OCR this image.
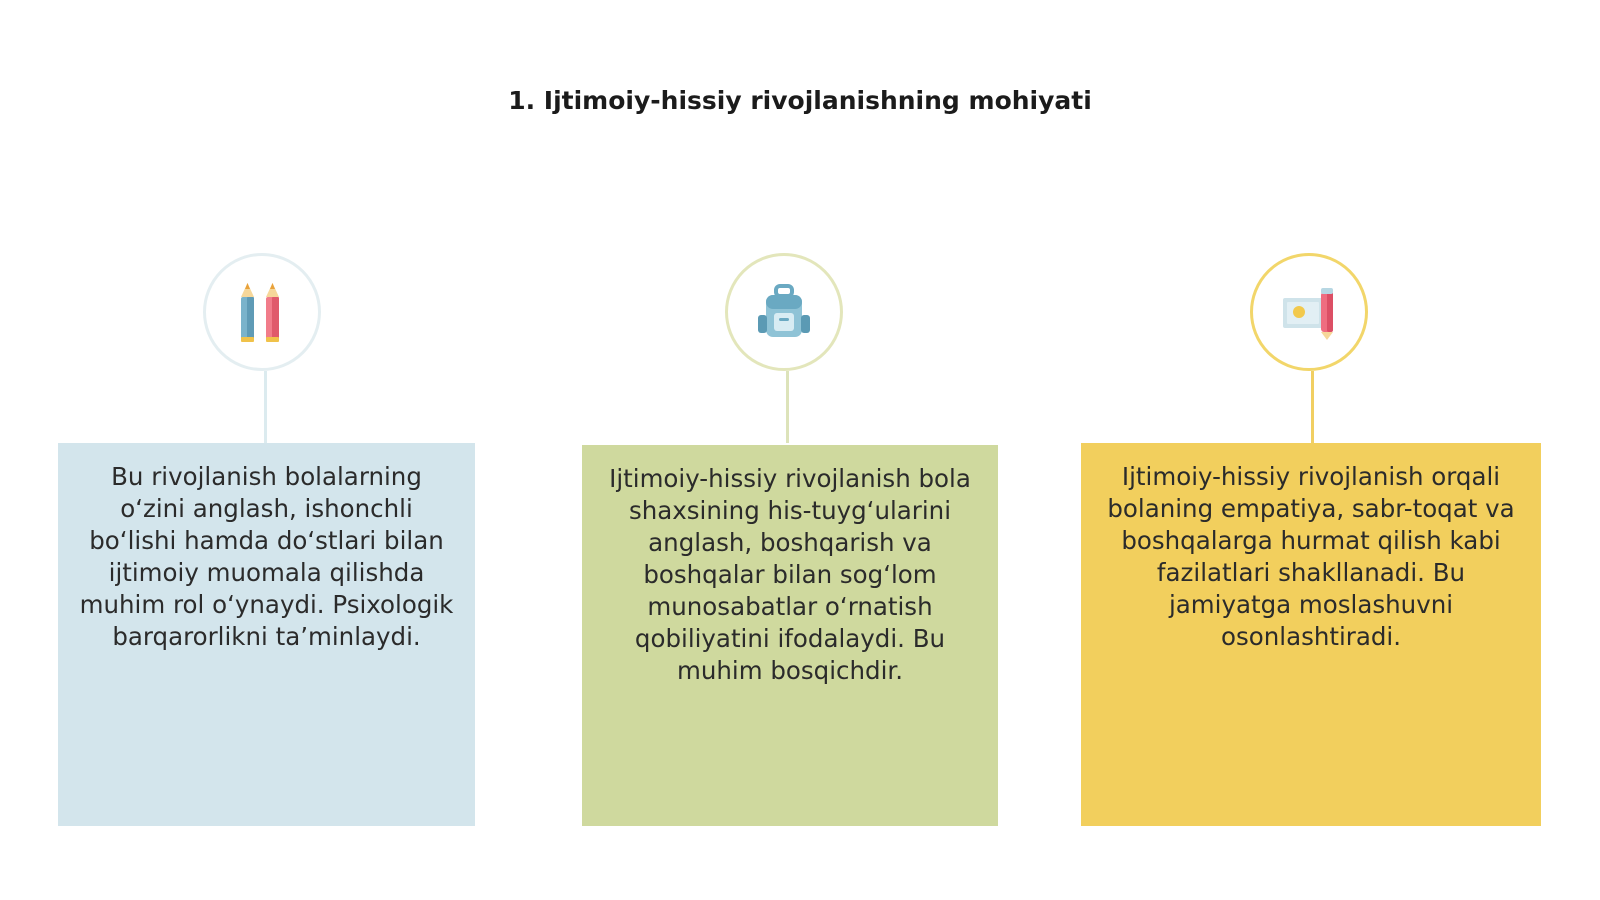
1. Ijtimoiy-hissiy rivojlanishning mohiyati
Bu rivojlanish bolalarning o‘zini anglash, ishonchli bo‘lishi hamda do‘stlari bilan ijtimoiy muomala qilishda muhim rol o‘ynaydi. Psixologik barqarorlikni ta’minlaydi.
Ijtimoiy-hissiy rivojlanish bola shaxsining his-tuyg‘ularini anglash, boshqarish va boshqalar bilan sog‘lom munosabatlar o‘rnatish qobiliyatini ifodalaydi. Bu muhim bosqichdir.
Ijtimoiy-hissiy rivojlanish orqali bolaning empatiya, sabr-toqat va boshqalarga hurmat qilish kabi fazilatlari shakllanadi. Bu jamiyatga moslashuvni osonlashtiradi.
